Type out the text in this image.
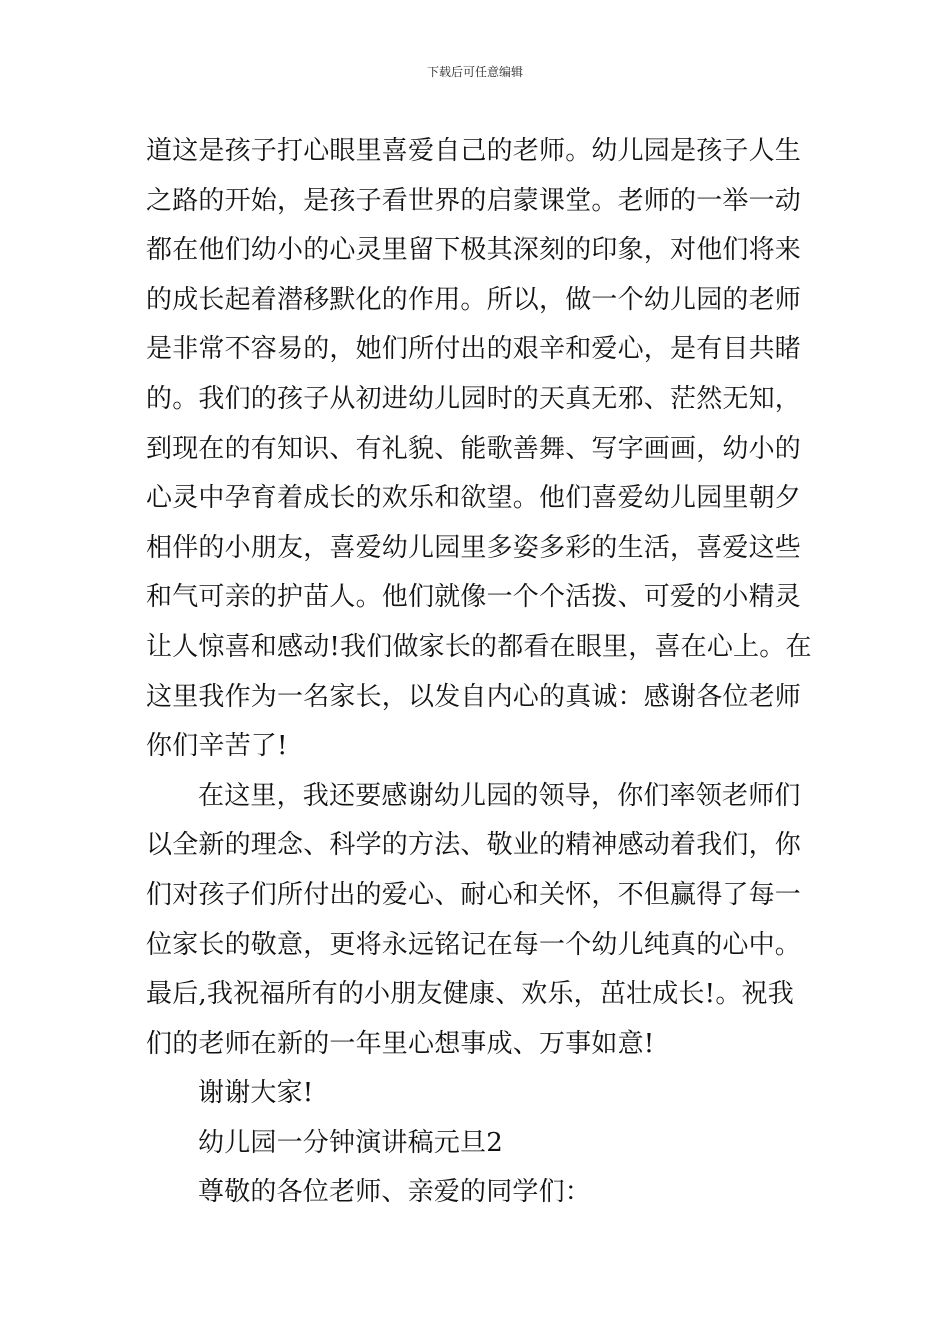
下载后可任意编辑
道这是孩子打心眼里喜爱自己的老师。幼儿园是孩子人生
之路的开始，是孩子看世界的启蒙课堂。老师的一举一动
都在他们幼小的心灵里留下极其深刻的印象，对他们将来
的成长起着潜移默化的作用。所以，做一个幼儿园的老师
是非常不容易的，她们所付出的艰辛和爱心，是有目共睹
的。我们的孩子从初进幼儿园时的天真无邪、茫然无知，
到现在的有知识、有礼貌、能歌善舞、写字画画，幼小的
心灵中孕育着成长的欢乐和欲望。他们喜爱幼儿园里朝夕
相伴的小朋友，喜爱幼儿园里多姿多彩的生活，喜爱这些
和气可亲的护苗人。他们就像一个个活拨、可爱的小精灵
让人惊喜和感动!我们做家长的都看在眼里，喜在心上。在
这里我作为一名家长，以发自内心的真诚：感谢各位老师
你们辛苦了!
在这里，我还要感谢幼儿园的领导，你们率领老师们
以全新的理念、科学的方法、敬业的精神感动着我们，你
们对孩子们所付出的爱心、耐心和关怀，不但赢得了每一
位家长的敬意，更将永远铭记在每一个幼儿纯真的心中。
最后,我祝福所有的小朋友健康、欢乐，茁壮成长!。祝我
们的老师在新的一年里心想事成、万事如意!
谢谢大家!
幼儿园一分钟演讲稿元旦2
尊敬的各位老师、亲爱的同学们：
